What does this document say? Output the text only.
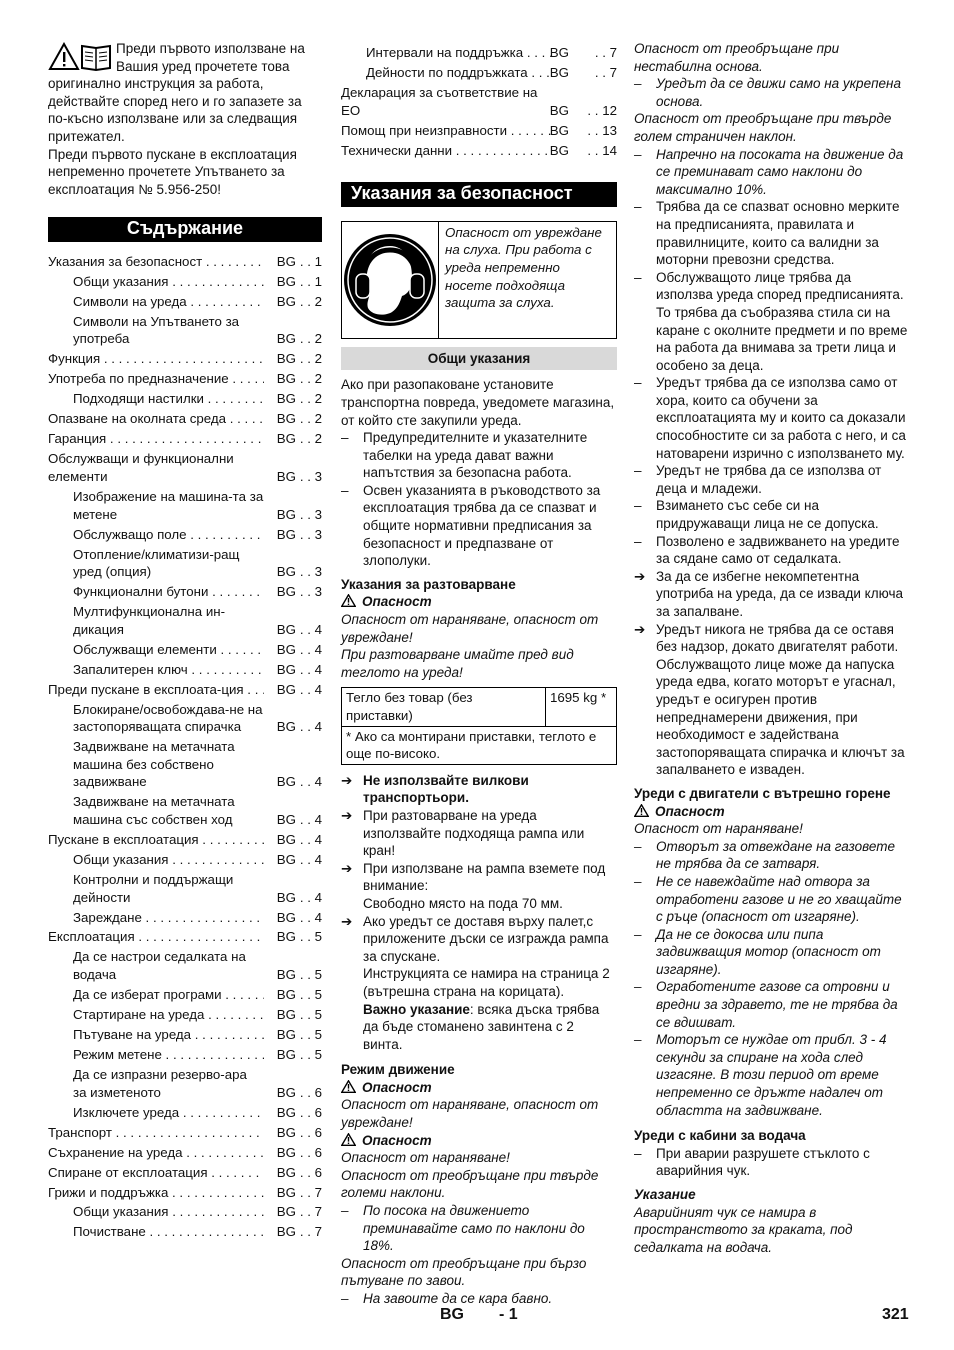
Преди първото използване на Вашия уред прочетете това оригинално инструкция за работа, действайте според него и го запазете за по-късно използване или за следващия притежател.

Преди първото пускане в експлоатация непременно прочетете Упътването за експлоатация № 5.956-250!

Съдържание
Указания за безопасност . . .	BG . . 1
Общи указания . . .	BG . . 1
Символи на уреда . . .	BG . . 2
Символи на Упътването за употреба	BG . . 2
Функция . . .	BG . . 2
Употреба по предназначение . . .	BG . . 2
Подходящи настилки . . .	BG . . 2
Опазване на околната среда . . .	BG . . 2
Гаранция . . .	BG . . 2
Обслужващи и функционални елементи	BG . . 3
Изображение на машина-та за метене	BG . . 3
Обслужващо поле . . .	BG . . 3
Отопление/климатизи-ращ уред (опция)	BG . . 3
Функционални бутони . . .	BG . . 3
Мултифункционална ин-дикация	BG . . 4
Обслужващи елементи . . .	BG . . 4
Запалитерен ключ . . .	BG . . 4
Преди пускане в експлоата-ция . . .	BG . . 4
Блокиране/освобождава-не на застопоряващата спирачка	BG . . 4
Задвижване на метачната машина без собствено задвижване	BG . . 4
Задвижване на метачната машина със собствен ход	BG . . 4
Пускане в експлоатация . . .	BG . . 4
Общи указания . . .	BG . . 4
Контролни и поддържащи дейности	BG . . 4
Зареждане . . .	BG . . 4
Експлоатация . . .	BG . . 5
Да се настрои седалката на водача	BG . . 5
Да се изберат програми . . .	BG . . 5
Стартиране на уреда . . .	BG . . 5
Пътуване на уреда . . .	BG . . 5
Режим метене . . .	BG . . 5
Да се изпразни резерво-ара за изметеното	BG . . 6
Изключете уреда . . .	BG . . 6
Транспорт . . .	BG . . 6
Съхранение на уреда . . .	BG . . 6
Спиране от експлоатация . . .	BG . . 6
Грижи и поддръжка . . .	BG . . 7
Общи указания . . .	BG . . 7
Почистване . . .	BG . . 7
Интервали на поддръжка . . .	BG	. . 7
Дейности по поддръжката . . .	BG	. . 7
Декларация за съответствие на ЕО	BG	. . 12
Помощ при неизправности . . .	BG	. . 13
Технически данни . . .	BG	. . 14
Указания за безопасност
Опасност от увреждане на слуха. При работа с уреда непременно носете подходяща защита за слуха.
Общи указания

Ако при разопаковане установите транспортна повреда, уведомете магазина, от който сте закупили уреда.

– Предупредителните и указателните табелки на уреда дават важни напътствия за безопасна работа.

– Освен указанията в ръководството за експлоатация трябва да се спазват и общите нормативни предписания за безопасност и предпазване от злополуки.

Указания за разтоварване

Опасност

Опасност от нараняване, опасност от увреждане!

При разтоварване имайте пред вид теглото на уреда!

Тегло без товар (без приставки)	1695 kg *
* Ако са монтирани приставки, теглото е още по-високо.

➔ Не използвайте вилкови транспортьори.

➔ При разтоварване на уреда използвайте подходяща рампа или кран!

➔ При използване на рампа вземете под внимание:
Свободно място на пода 70 мм.

➔ Ако уредът се доставя върху палет,с приложените дъски се изгражда рампа за спускане.
Инструкцията се намира на страница 2 (вътрешна страна на корицата).
Важно указание: всяка дъска трябва да бъде стоманено завинтена с 2 винта.

Режим движение

Опасност

Опасност от нараняване, опасност от увреждане!

Опасност

Опасност от нараняване!

Опасност от преобръщане при твърде големи наклони.

– По посока на движението преминавайте само по наклони до 18%.

Опасност от преобръщане при бързо пътуване по завои.

– На завоите да се кара бавно.

Опасност от преобръщане при нестабилна основа.

– Уредът да се движи само на укрепена основа.

Опасност от преобръщане при твърде голем страничен наклон.

– Напречно на посоката на движение да се преминават само наклони до максимално 10%.

– Трябва да се спазват основно мерките на предписанията, правилата и правилниците, които са валидни за моторни превозни средства.

– Обслужващото лице трябва да използва уреда според предписанията. То трябва да съобразява стила си на каране с околните предмети и по време на работа да внимава за трети лица и особено за деца.

– Уредът трябва да се използва само от хора, които са обучени за експлоатацията му и които са доказали способностите си за работа с него, и са натоварени изрично с използването му.

– Уредът не трябва да се използва от деца и младежи.

– Взимането със себе си на придружаващи лица не се допуска.

– Позволено е задвижването на уредите за сядане само от седалката.

➔ За да се избегне некомпетентна употриба на уреда, да се извади ключа за запалване.

➔ Уредът никога не трябва да се оставя без надзор, докато двигателят работи. Обслужващото лице може да напуска уреда едва, когато моторът е угаснал, уредът е осигурен против непреднамерени движения, при необходимост е задействана застопоряващата спирачка и ключът за запалването е изваден.

Уреди с двигатели с вътрешно горене

Опасност

Опасност от нараняване!

– Отворът за отвеждане на газовете не трябва да се затваря.

– Не се навеждайте над отвора за отработени газове и не го хващайте с ръце (опасност от изгаряне).

– Да не се докосва или пипа задвижващия мотор (опасност от изгаряне).

– Огработените газове са отровни и вредни за здравето, те не трябва да се вдишват.

– Моторът се нуждае от прибл. 3 - 4 секунди за спиране на хода след изгасяне. В този период от време непременно се дръжте надалеч от областта на задвижване.

Уреди с кабини за водача

– При аварии разрушете стъклото с аварийния чук.

Указание

Аварийният чук се намира в пространството за краката, под седалката на водача.

BG - 1	321
